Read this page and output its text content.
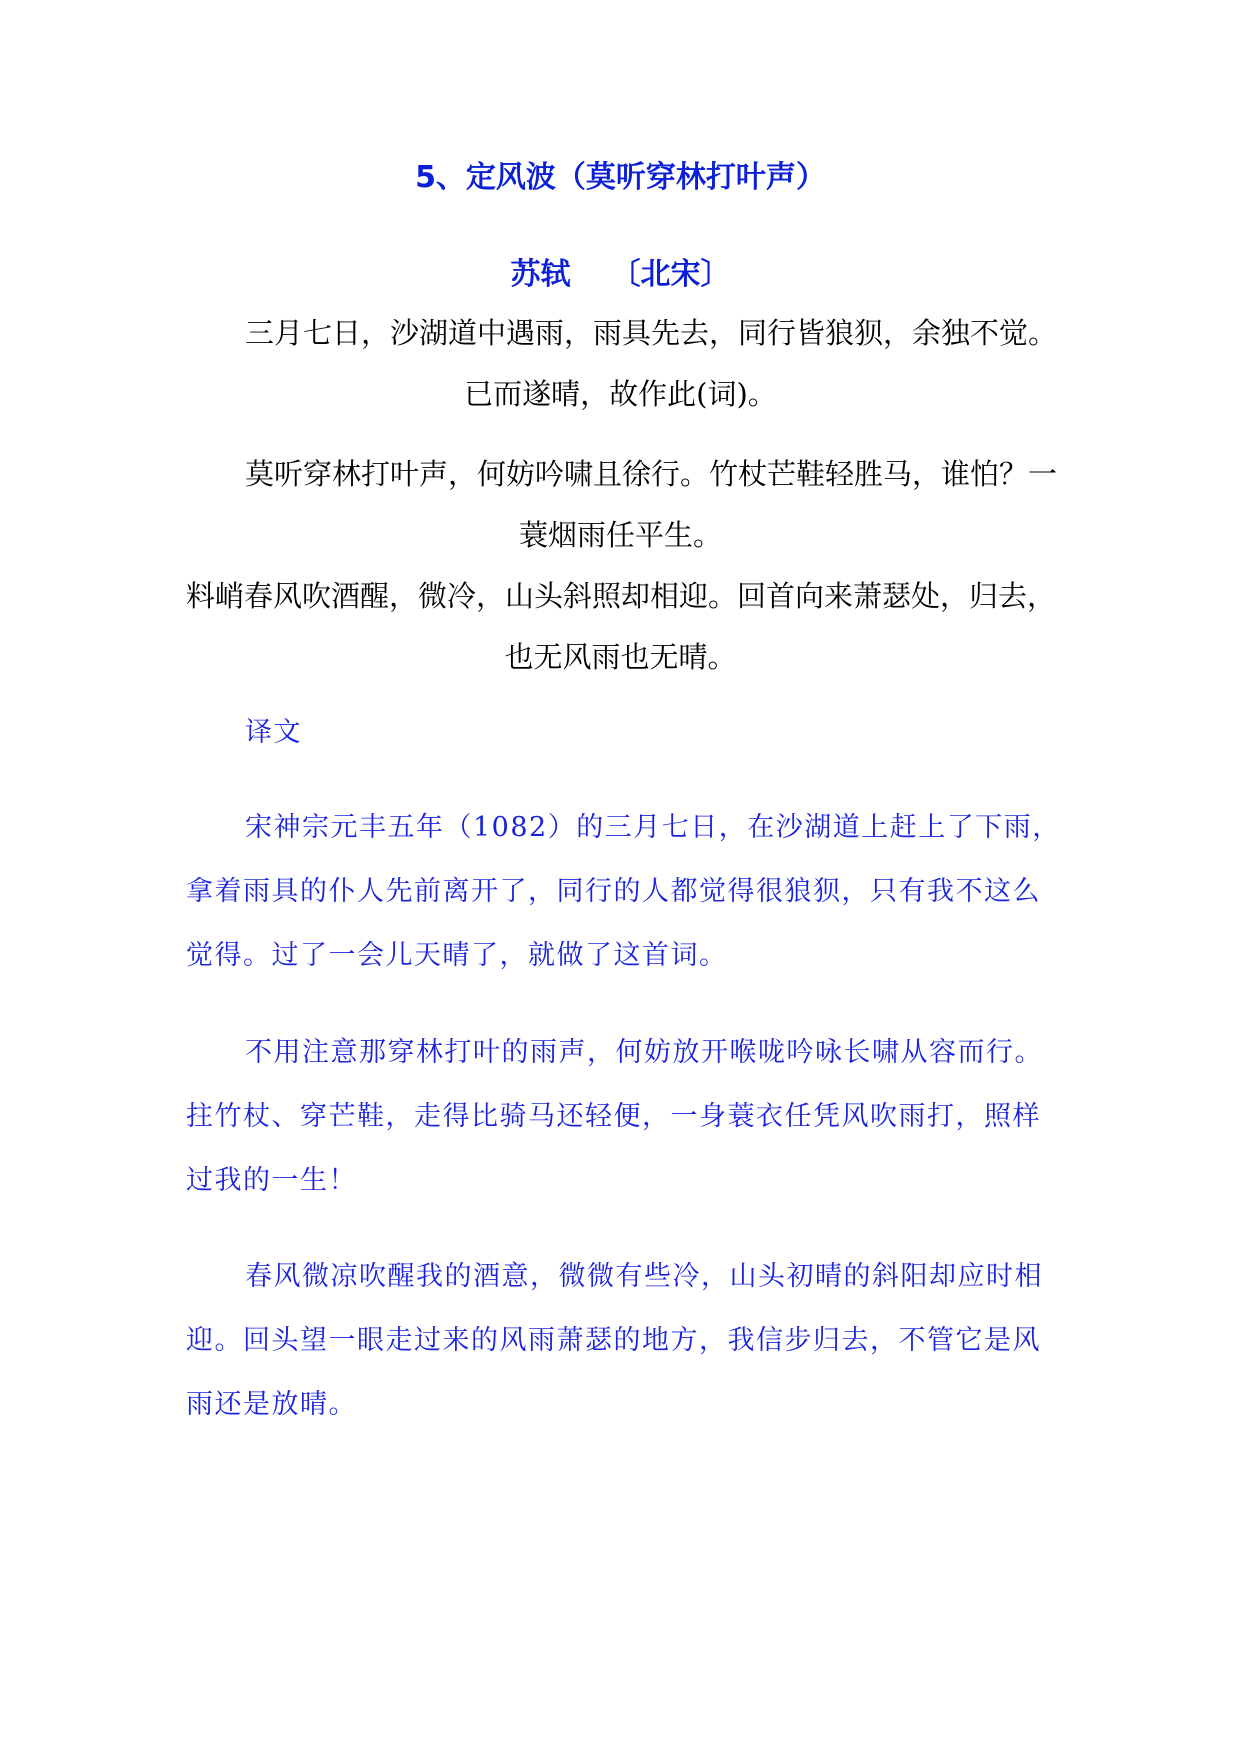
5、定风波（莫听穿林打叶声）
苏轼 〔北宋〕
三月七日，沙湖道中遇雨，雨具先去，同行皆狼狈，余独不觉。
已而遂晴，故作此(词)。
莫听穿林打叶声，何妨吟啸且徐行。竹杖芒鞋轻胜马，谁怕？一
蓑烟雨任平生。
料峭春风吹酒醒，微冷，山头斜照却相迎。回首向来萧瑟处，归去，
也无风雨也无晴。
译文
宋神宗元丰五年（1082）的三月七日，在沙湖道上赶上了下雨，
拿着雨具的仆人先前离开了，同行的人都觉得很狼狈，只有我不这么
觉得。过了一会儿天晴了，就做了这首词。
不用注意那穿林打叶的雨声，何妨放开喉咙吟咏长啸从容而行。
拄竹杖、穿芒鞋，走得比骑马还轻便，一身蓑衣任凭风吹雨打，照样
过我的一生！
春风微凉吹醒我的酒意，微微有些冷，山头初晴的斜阳却应时相
迎。回头望一眼走过来的风雨萧瑟的地方，我信步归去，不管它是风
雨还是放晴。
